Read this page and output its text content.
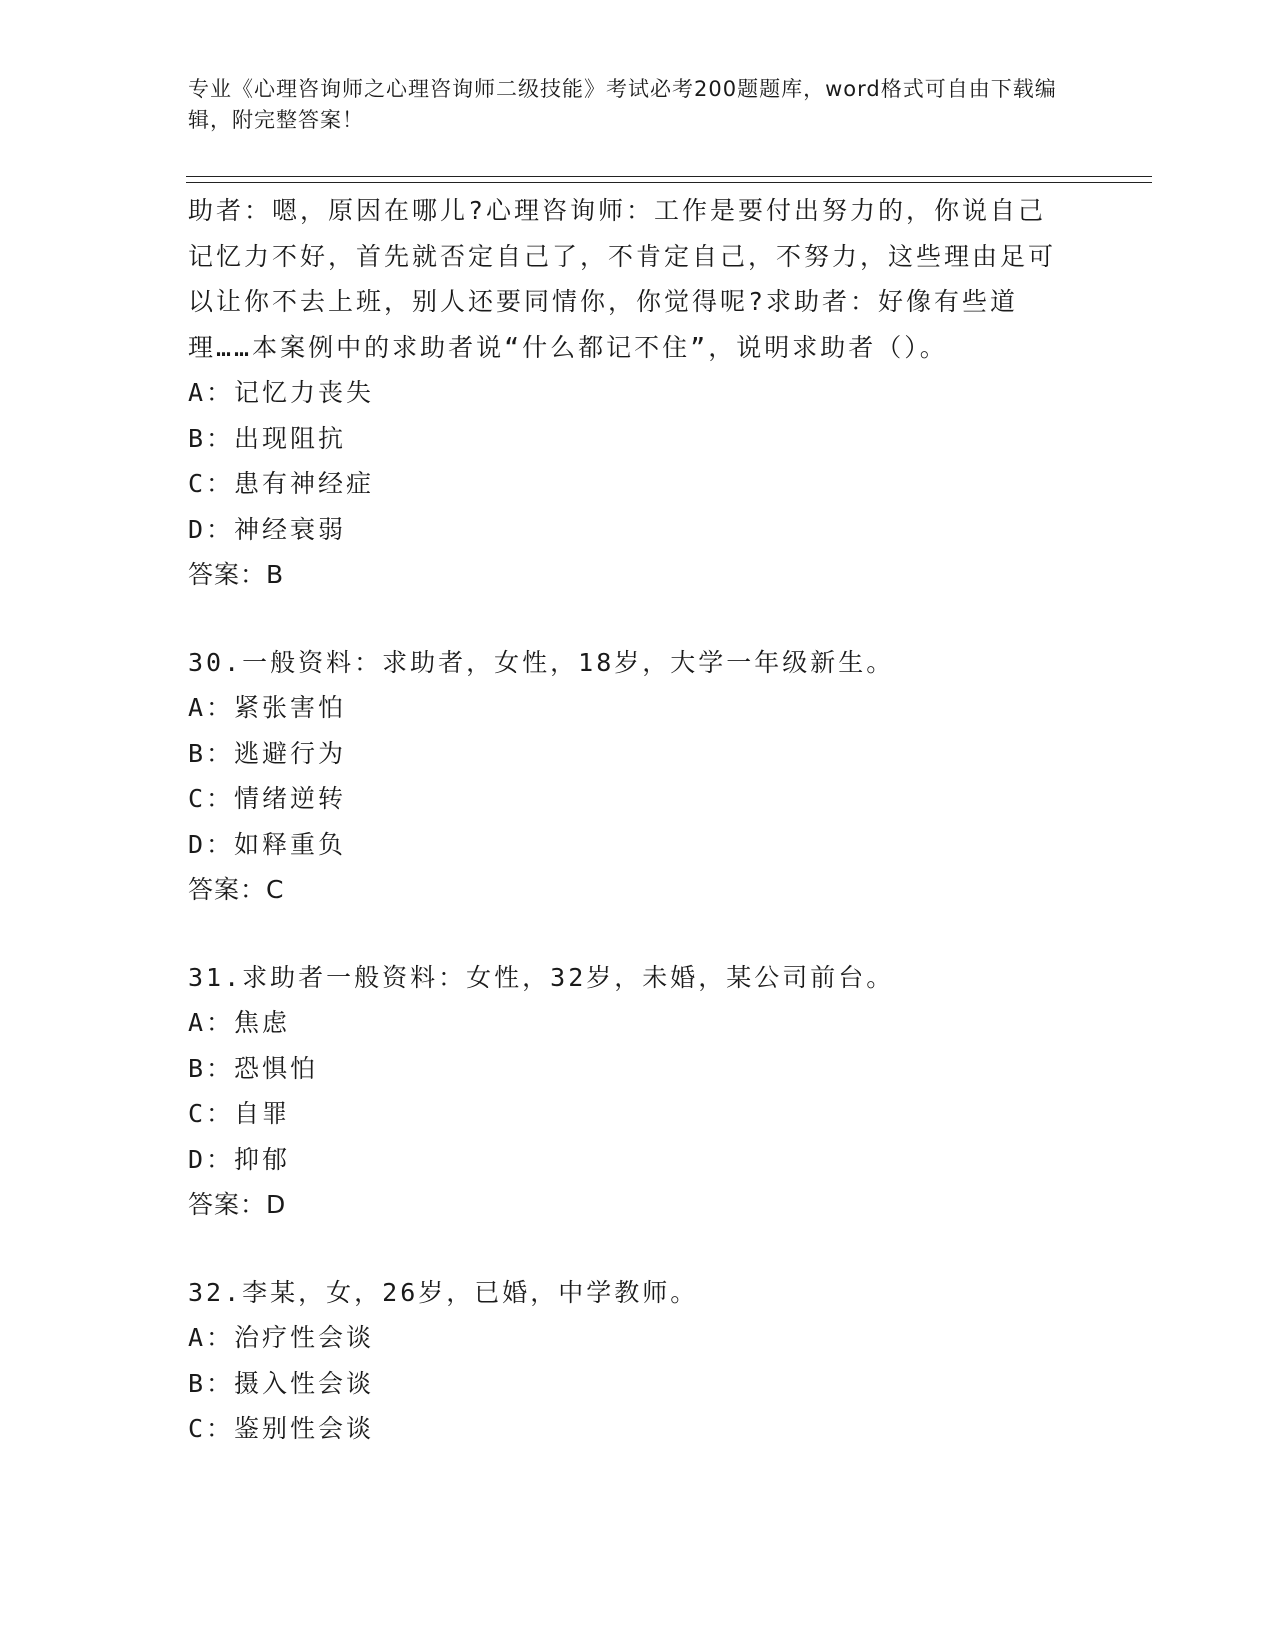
专业《心理咨询师之心理咨询师二级技能》考试必考200题题库，word格式可自由下载编辑，附完整答案！

助者：嗯，原因在哪儿?心理咨询师：工作是要付出努力的，你说自己记忆力不好，首先就否定自己了，不肯定自己，不努力，这些理由足可以让你不去上班，别人还要同情你，你觉得呢?求助者：好像有些道理……本案例中的求助者说“什么都记不住”，说明求助者（）。

A：记忆力丧失

B：出现阻抗

C：患有神经症

D：神经衰弱

答案：B

30.一般资料：求助者，女性，18岁，大学一年级新生。

A：紧张害怕

B：逃避行为

C：情绪逆转

D：如释重负

答案：C

31.求助者一般资料：女性，32岁，未婚，某公司前台。

A：焦虑

B：恐惧怕

C：自罪

D：抑郁

答案：D

32.李某，女，26岁，已婚，中学教师。

A：治疗性会谈

B：摄入性会谈

C：鉴别性会谈
